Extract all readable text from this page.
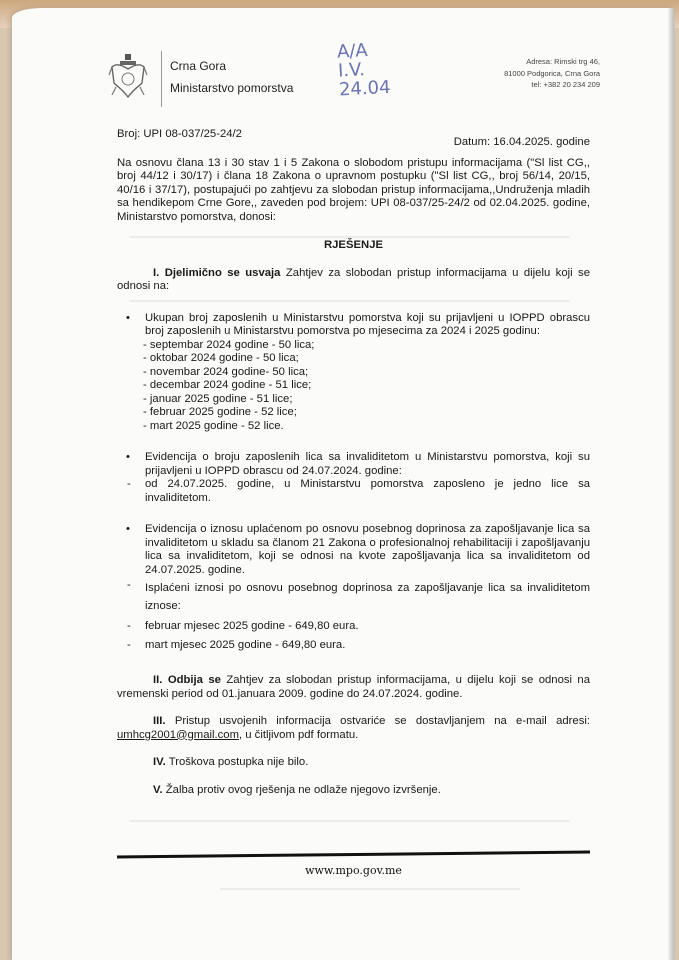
Crna Gora
Ministarstvo pomorstva
A/A
I.V.
24.04
Adresa: Rimski trg 46,
81000 Podgorica, Crna Gora
tel: +382 20 234 209
Broj: UPI 08-037/25-24/2
Datum: 16.04.2025. godine
Na osnovu člana 13 i 30 stav 1 i 5 Zakona o slobodom pristupu informacijama ("Sl list CG,, broj 44/12 i 30/17) i člana 18 Zakona o upravnom postupku ("Sl list CG,, broj 56/14, 20/15, 40/16 i 37/17), postupajući po zahtjevu za slobodan pristup informacijama,,Undruženja mladih sa hendikepom Crne Gore,, zaveden pod brojem: UPI 08-037/25-24/2 od 02.04.2025. godine, Ministarstvo pomorstva, donosi:
RJEŠENJE
I. Djelimično se usvaja Zahtjev za slobodan pristup informacijama u dijelu koji se odnosi na:
• Ukupan broj zaposlenih u Ministarstvu pomorstva koji su prijavljeni u IOPPD obrascu broj zaposlenih u Ministarstvu pomorstva po mjesecima za 2024 i 2025 godinu:
- septembar 2024 godine - 50 lica;
- oktobar 2024 godine - 50 lica;
- novembar 2024 godine- 50 lica;
- decembar 2024 godine - 51 lice;
- januar 2025 godine - 51 lice;
- februar 2025 godine - 52 lice;
- mart 2025 godine - 52 lice.
• Evidencija o broju zaposlenih lica sa invaliditetom u Ministarstvu pomorstva, koji su prijavljeni u IOPPD obrascu od 24.07.2024. godine:
- od 24.07.2025. godine, u Ministarstvu pomorstva zaposleno je jedno lice sa invaliditetom.
• Evidencija o iznosu uplaćenom po osnovu posebnog doprinosa za zapošljavanje lica sa invaliditetom u skladu sa članom 21 Zakona o profesionalnoj rehabilitaciji i zapošljavanju lica sa invaliditetom, koji se odnosi na kvote zapošljavanja lica sa invaliditetom od 24.07.2025. godine.
- Isplaćeni iznosi po osnovu posebnog doprinosa za zapošljavanje lica sa invaliditetom iznose:
- februar mjesec 2025 godine - 649,80 eura.
- mart mjesec 2025 godine - 649,80 eura.
II. Odbija se Zahtjev za slobodan pristup informacijama, u dijelu koji se odnosi na vremenski period od 01.januara 2009. godine do 24.07.2024. godine.
III. Pristup usvojenih informacija ostvariće se dostavljanjem na e-mail adresi: umhcg2001@gmail.com, u čitljivom pdf formatu.
IV. Troškova postupka nije bilo.
V. Žalba protiv ovog rješenja ne odlaže njegovo izvršenje.
www.mpo.gov.me
